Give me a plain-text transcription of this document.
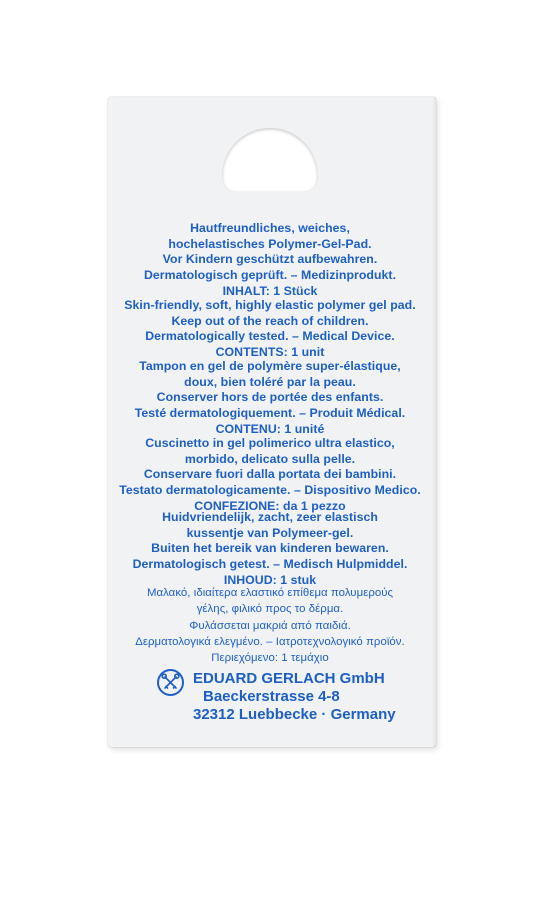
Hautfreundliches, weiches,
hochelastisches Polymer-Gel-Pad.
Vor Kindern geschützt aufbewahren.
Dermatologisch geprüft. – Medizinprodukt.
INHALT: 1 Stück
Skin-friendly, soft, highly elastic polymer gel pad.
Keep out of the reach of children.
Dermatologically tested. – Medical Device.
CONTENTS: 1 unit
Tampon en gel de polymère super-élastique,
doux, bien toléré par la peau.
Conserver hors de portée des enfants.
Testé dermatologiquement. – Produit Médical.
CONTENU: 1 unité
Cuscinetto in gel polimerico ultra elastico,
morbido, delicato sulla pelle.
Conservare fuori dalla portata dei bambini.
Testato dermatologicamente. – Dispositivo Medico.
CONFEZIONE: da 1 pezzo
Huidvriendelijk, zacht, zeer elastisch
kussentje van Polymeer-gel.
Buiten het bereik van kinderen bewaren.
Dermatologisch getest. – Medisch Hulpmiddel.
INHOUD: 1 stuk
Μαλακό, ιδιαίτερα ελαστικό επίθεμα πολυμερούς
γέλης, φιλικό προς το δέρμα.
Φυλάσσεται μακριά από παιδιά.
Δερματολογικά ελεγμένο. – Ιατροτεχνολογικό προϊόν.
Περιεχόμενο: 1 τεμάχιο
EDUARD GERLACH GmbH
Baeckerstrasse 4-8
32312 Luebbecke · Germany
